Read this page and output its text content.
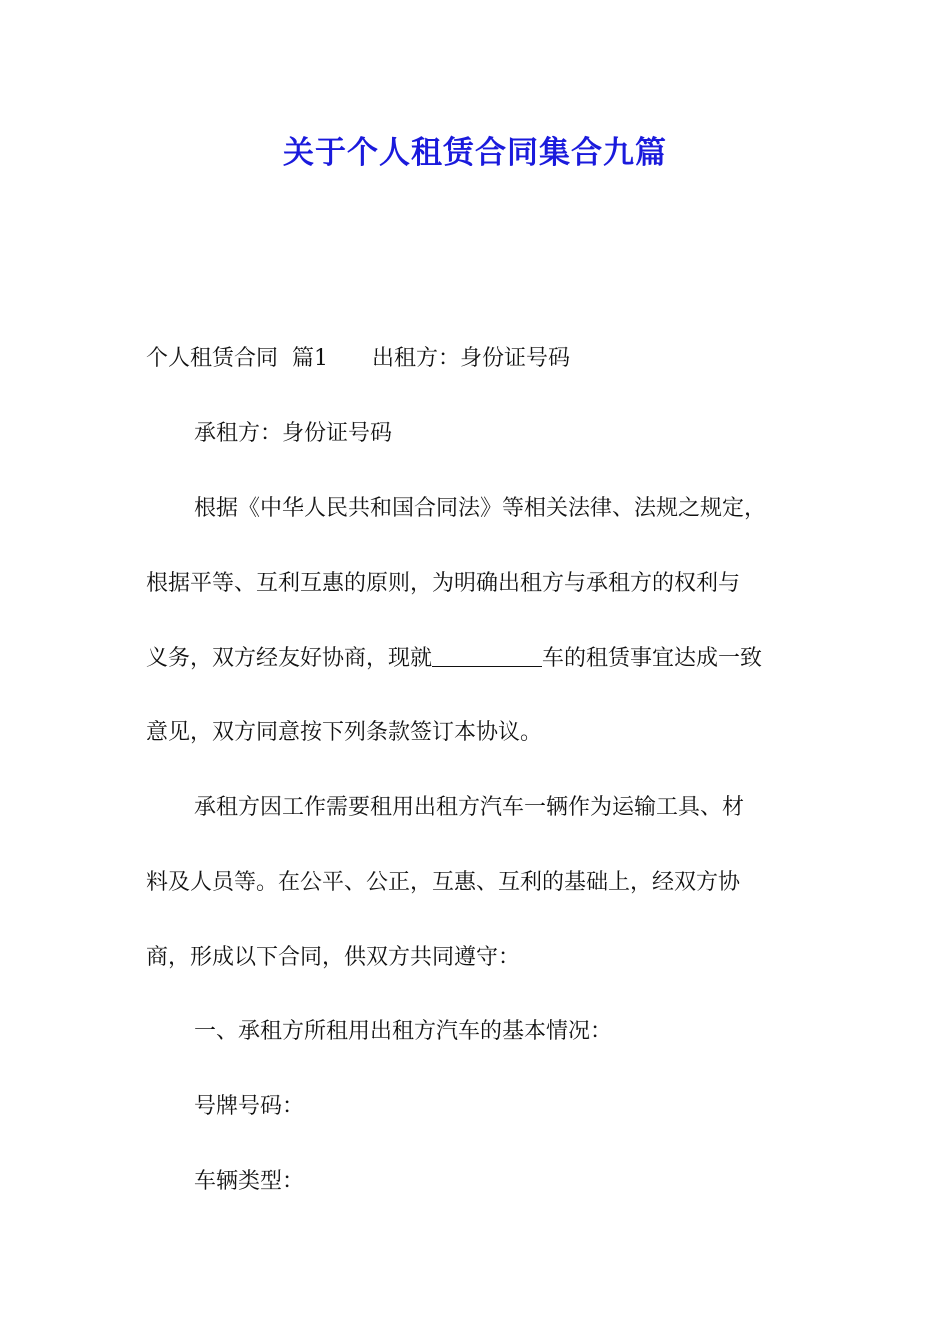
关于个人租赁合同集合九篇

个人租赁合同  篇1 出租方：身份证号码

承租方：身份证号码

根据《中华人民共和国合同法》等相关法律、法规之规定，

根据平等、互利互惠的原则，为明确出租方与承租方的权利与

义务，双方经友好协商，现就	车的租赁事宜达成一致

意见，双方同意按下列条款签订本协议。

承租方因工作需要租用出租方汽车一辆作为运输工具、材

料及人员等。在公平、公正，互惠、互利的基础上，经双方协

商，形成以下合同，供双方共同遵守：

一、承租方所租用出租方汽车的基本情况：

号牌号码：

车辆类型：
